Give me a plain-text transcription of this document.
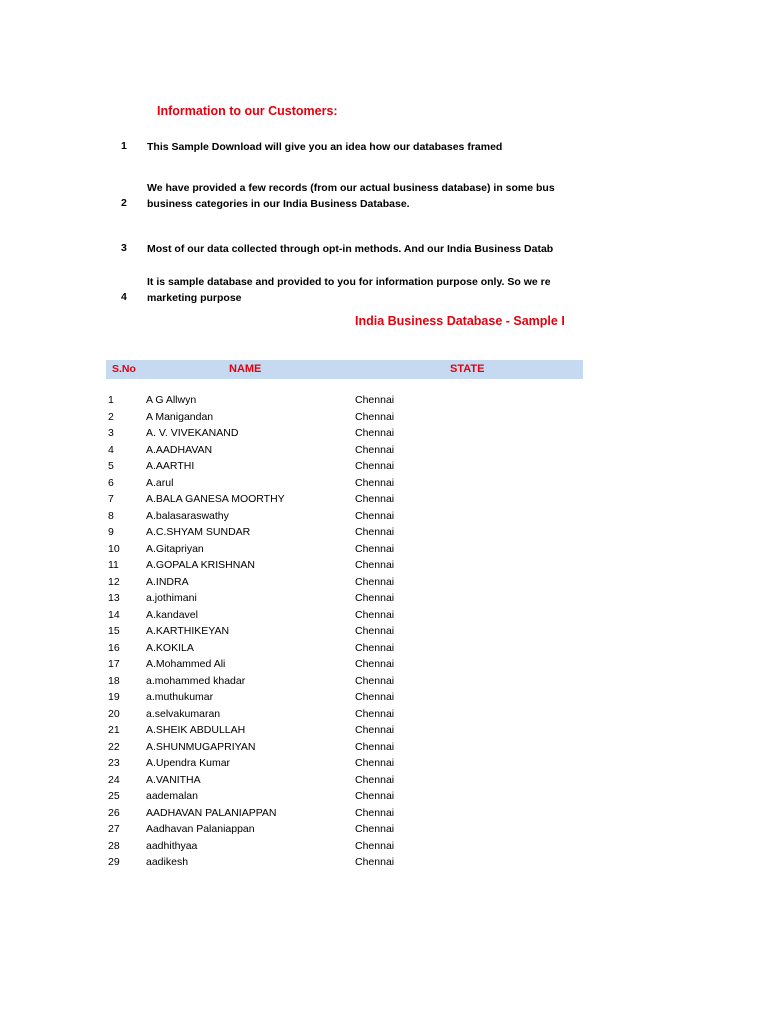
Information to our Customers:
1 This Sample Download will give you an idea how our databases framed
2
We have provided a few records (from our actual business database) in some bus
business categories in our India Business Database.
3 Most of our data collected through opt-in methods. And our India Business Datab
4
It is sample database and provided to you for information purpose only. So we re
marketing purpose
India Business Database - Sample I
S.No	NAME	STATE
1	A G Allwyn	Chennai
2	A Manigandan	Chennai
3	A. V. VIVEKANAND	Chennai
4	A.AADHAVAN	Chennai
5	A.AARTHI	Chennai
6	A.arul	Chennai
7	A.BALA GANESA MOORTHY	Chennai
8	A.balasaraswathy	Chennai
9	A.C.SHYAM SUNDAR	Chennai
10	A.Gitapriyan	Chennai
11	A.GOPALA KRISHNAN	Chennai
12	A.INDRA	Chennai
13	a.jothimani	Chennai
14	A.kandavel	Chennai
15	A.KARTHIKEYAN	Chennai
16	A.KOKILA	Chennai
17	A.Mohammed Ali	Chennai
18	a.mohammed khadar	Chennai
19	a.muthukumar	Chennai
20	a.selvakumaran	Chennai
21	A.SHEIK ABDULLAH	Chennai
22	A.SHUNMUGAPRIYAN	Chennai
23	A.Upendra Kumar	Chennai
24	A.VANITHA	Chennai
25	aademalan	Chennai
26	AADHAVAN PALANIAPPAN	Chennai
27	Aadhavan Palaniappan	Chennai
28	aadhithyaa	Chennai
29	aadikesh	Chennai
